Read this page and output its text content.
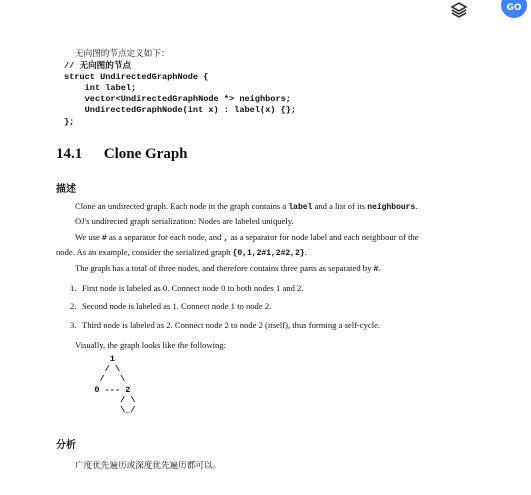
GO
无向图的节点定义如下：
// 无向图的节点
struct UndirectedGraphNode {
int label;
vector<UndirectedGraphNode *> neighbors;
UndirectedGraphNode(int x) : label(x) {};
};
14.1 Clone Graph
描述
Clone an undirected graph. Each node in the graph contains a label and a list of its neighbours.
OJ's undirected graph serialization: Nodes are labeled uniquely.
We use # as a separator for each node, and , as a separator for node label and each neighbour of the
node. As an example, consider the serialized graph {0,1,2#1,2#2,2}.
The graph has a total of three nodes, and therefore contains three parts as separated by #.
1. First node is labeled as 0. Connect node 0 to both nodes 1 and 2.
2. Second node is labeled as 1. Connect node 1 to node 2.
3. Third node is labeled as 2. Connect node 2 to node 2 (itself), thus forming a self-cycle.
Visually, the graph looks like the following:
1
/ \
/   \
0 --- 2
/ \
\_/
分析
广度优先遍历或深度优先遍历都可以。
